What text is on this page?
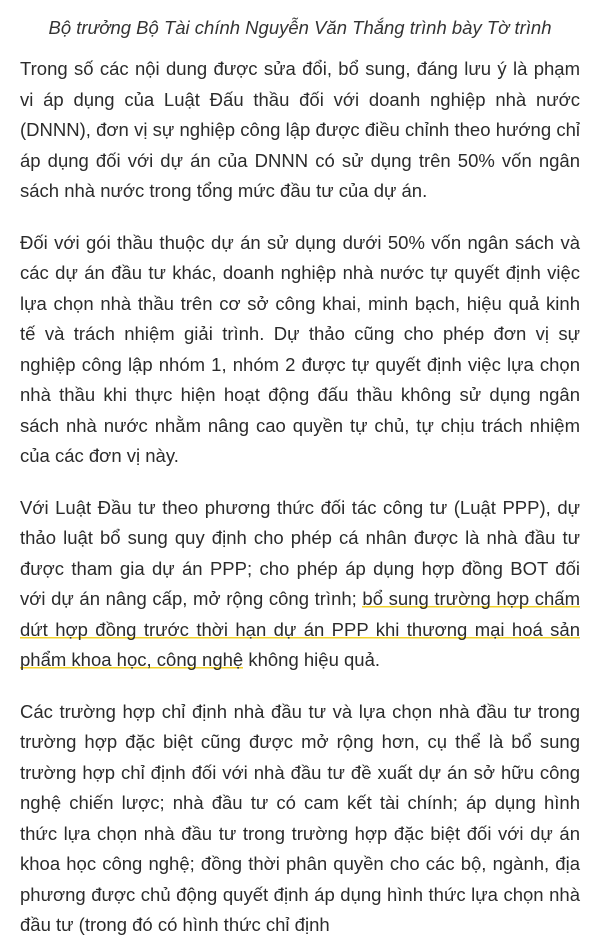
Bộ trưởng Bộ Tài chính Nguyễn Văn Thắng trình bày Tờ trình

Trong số các nội dung được sửa đổi, bổ sung, đáng lưu ý là phạm vi áp dụng của Luật Đấu thầu đối với doanh nghiệp nhà nước (DNNN), đơn vị sự nghiệp công lập được điều chỉnh theo hướng chỉ áp dụng đối với dự án của DNNN có sử dụng trên 50% vốn ngân sách nhà nước trong tổng mức đầu tư của dự án.

Đối với gói thầu thuộc dự án sử dụng dưới 50% vốn ngân sách và các dự án đầu tư khác, doanh nghiệp nhà nước tự quyết định việc lựa chọn nhà thầu trên cơ sở công khai, minh bạch, hiệu quả kinh tế và trách nhiệm giải trình. Dự thảo cũng cho phép đơn vị sự nghiệp công lập nhóm 1, nhóm 2 được tự quyết định việc lựa chọn nhà thầu khi thực hiện hoạt động đấu thầu không sử dụng ngân sách nhà nước nhằm nâng cao quyền tự chủ, tự chịu trách nhiệm của các đơn vị này.

Với Luật Đầu tư theo phương thức đối tác công tư (Luật PPP), dự thảo luật bổ sung quy định cho phép cá nhân được là nhà đầu tư được tham gia dự án PPP; cho phép áp dụng hợp đồng BOT đối với dự án nâng cấp, mở rộng công trình; bổ sung trường hợp chấm dứt hợp đồng trước thời hạn dự án PPP khi thương mại hoá sản phẩm khoa học, công nghệ không hiệu quả.

Các trường hợp chỉ định nhà đầu tư và lựa chọn nhà đầu tư trong trường hợp đặc biệt cũng được mở rộng hơn, cụ thể là bổ sung trường hợp chỉ định đối với nhà đầu tư đề xuất dự án sở hữu công nghệ chiến lược; nhà đầu tư có cam kết tài chính; áp dụng hình thức lựa chọn nhà đầu tư trong trường hợp đặc biệt đối với dự án khoa học công nghệ; đồng thời phân quyền cho các bộ, ngành, địa phương được chủ động quyết định áp dụng hình thức lựa chọn nhà đầu tư (trong đó có hình thức chỉ định
